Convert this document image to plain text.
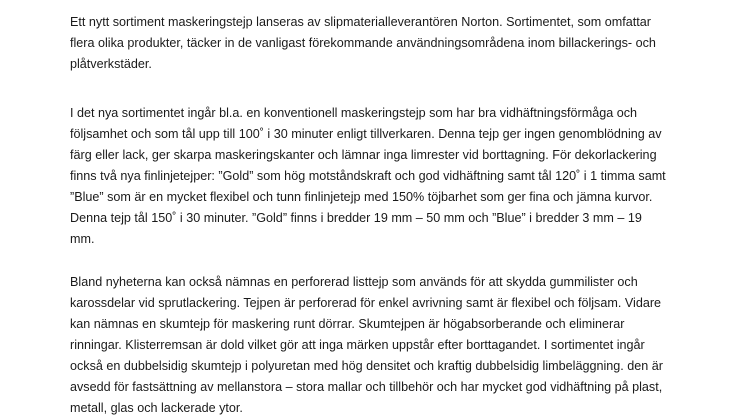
Ett nytt sortiment maskeringstejp lanseras av slipmaterialleverantören Norton. Sortimentet, som omfattar
flera olika produkter, täcker in de vanligast förekommande användningsområdena inom billackerings- och
plåtverkstäder.

I det nya sortimentet ingår bl.a. en konventionell maskeringstejp som har bra vidhäftningsförmåga och
följsamhet och som tål upp till 100˚ i 30 minuter enligt tillverkaren. Denna tejp ger ingen genomblödning av
färg eller lack, ger skarpa maskeringskanter och lämnar inga limrester vid borttagning. För dekorlackering
finns två nya finlinjetejper: ”Gold” som hög motståndskraft och god vidhäftning samt tål 120˚ i 1 timma samt
”Blue” som är en mycket flexibel och tunn finlinjetejp med 150% töjbarhet som ger fina och jämna kurvor.
Denna tejp tål 150˚ i 30 minuter. ”Gold” finns i bredder 19 mm – 50 mm och ”Blue” i bredder 3 mm – 19
mm.

Bland nyheterna kan också nämnas en perforerad listtejp som används för att skydda gummilister och
karossdelar vid sprutlackering. Tejpen är perforerad för enkel avrivning samt är flexibel och följsam. Vidare
kan nämnas en skumtejp för maskering runt dörrar. Skumtejpen är högabsorberande och eliminerar
rinningar. Klisterremsan är dold vilket gör att inga märken uppstår efter borttagandet. I sortimentet ingår
också en dubbelsidig skumtejp i polyuretan med hög densitet och kraftig dubbelsidig limbeläggning. den är
avsedd för fastsättning av mellanstora – stora mallar och tillbehör och har mycket god vidhäftning på plast,
metall, glas och lackerade ytor.
